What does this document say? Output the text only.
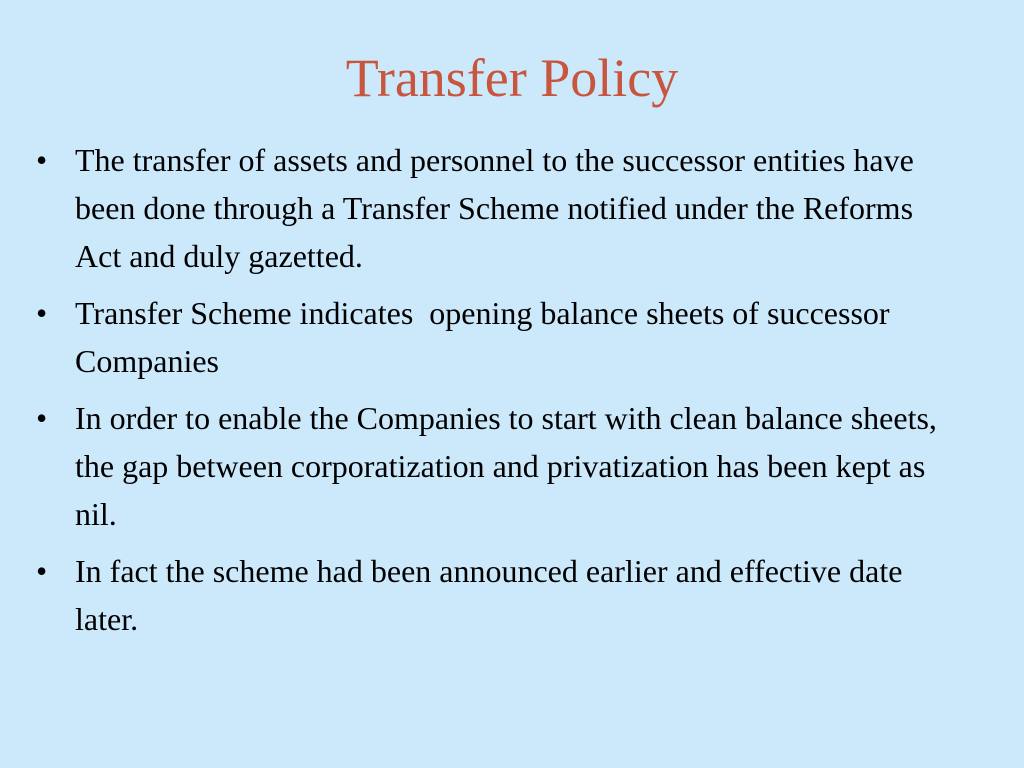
Transfer Policy
• The transfer of assets and personnel to the successor entities have been done through a Transfer Scheme notified under the Reforms Act and duly gazetted.
• Transfer Scheme indicates  opening balance sheets of successor Companies
• In order to enable the Companies to start with clean balance sheets, the gap between corporatization and privatization has been kept as nil.
• In fact the scheme had been announced earlier and effective date later.
